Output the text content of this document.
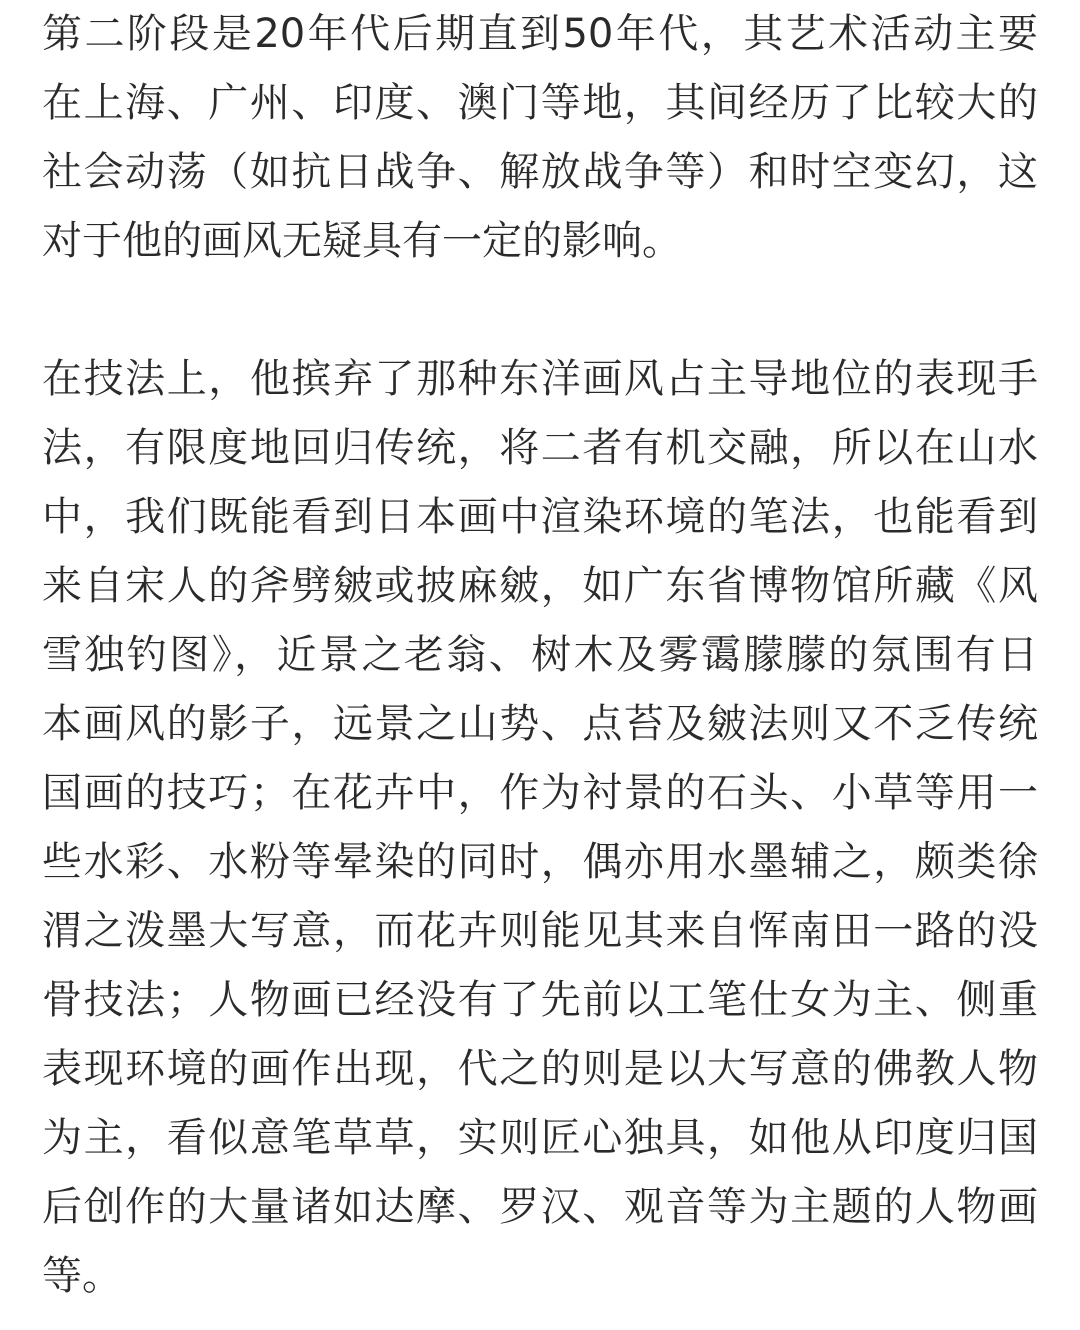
第二阶段是20年代后期直到50年代，其艺术活动主要
在上海、广州、印度、澳门等地，其间经历了比较大的
社会动荡（如抗日战争、解放战争等）和时空变幻，这
对于他的画风无疑具有一定的影响。

在技法上，他摈弃了那种东洋画风占主导地位的表现手
法，有限度地回归传统，将二者有机交融，所以在山水
中，我们既能看到日本画中渲染环境的笔法，也能看到
来自宋人的斧劈皴或披麻皴，如广东省博物馆所藏《风
雪独钓图》，近景之老翁、树木及雾霭朦朦的氛围有日
本画风的影子，远景之山势、点苔及皴法则又不乏传统
国画的技巧；在花卉中，作为衬景的石头、小草等用一
些水彩、水粉等晕染的同时，偶亦用水墨辅之，颇类徐
渭之泼墨大写意，而花卉则能见其来自恽南田一路的没
骨技法；人物画已经没有了先前以工笔仕女为主、侧重
表现环境的画作出现，代之的则是以大写意的佛教人物
为主，看似意笔草草，实则匠心独具，如他从印度归国
后创作的大量诸如达摩、罗汉、观音等为主题的人物画
等。
